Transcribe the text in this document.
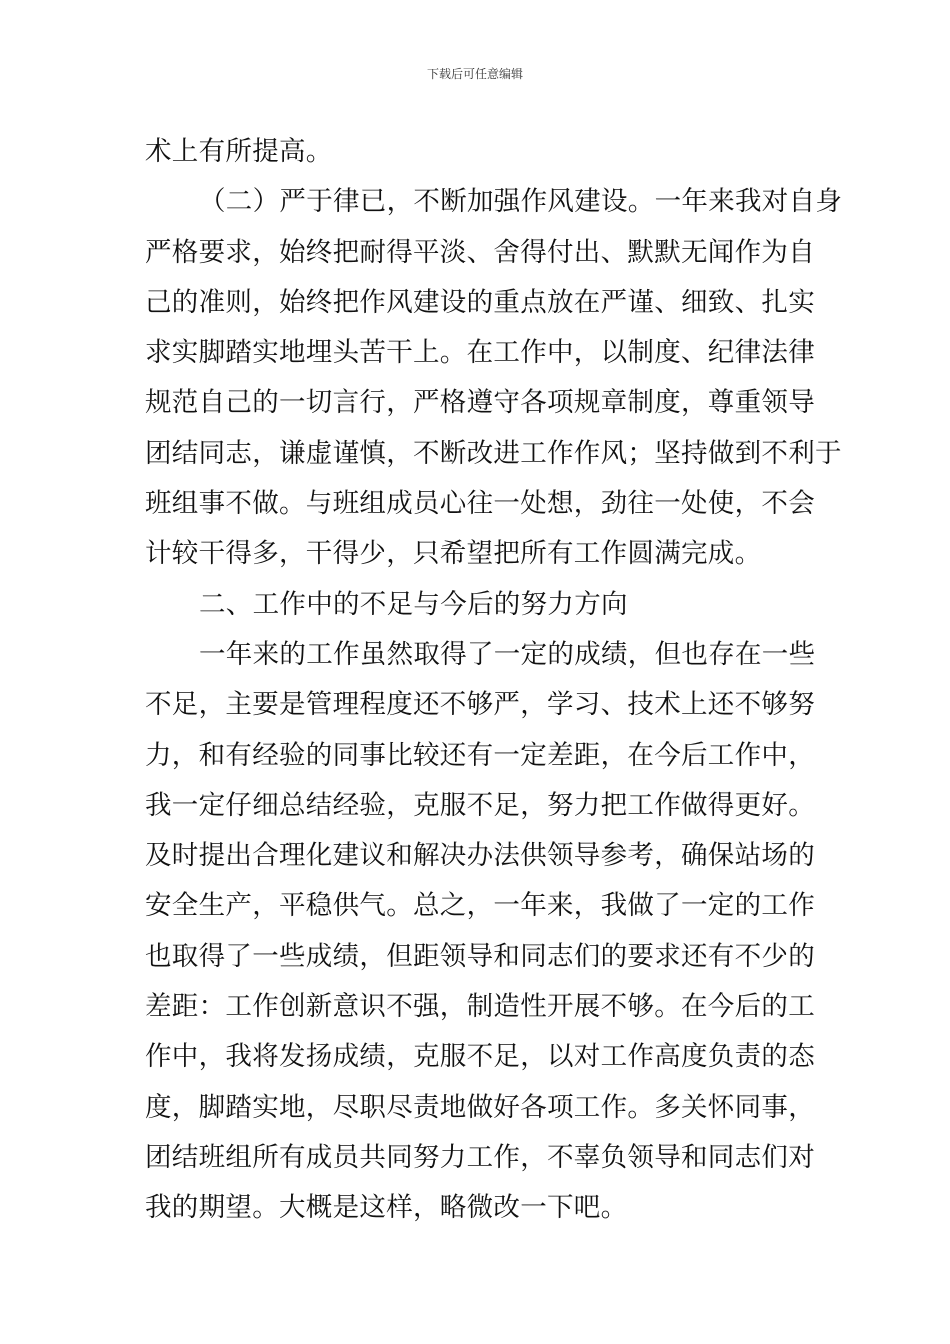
下载后可任意编辑
术上有所提高。
（二）严于律已，不断加强作风建设。一年来我对自身
严格要求，始终把耐得平淡、舍得付出、默默无闻作为自
己的准则，始终把作风建设的重点放在严谨、细致、扎实
求实脚踏实地埋头苦干上。在工作中，以制度、纪律法律
规范自己的一切言行，严格遵守各项规章制度，尊重领导
团结同志，谦虚谨慎，不断改进工作作风；坚持做到不利于
班组事不做。与班组成员心往一处想，劲往一处使，不会
计较干得多，干得少，只希望把所有工作圆满完成。
二、工作中的不足与今后的努力方向
一年来的工作虽然取得了一定的成绩，但也存在一些
不足，主要是管理程度还不够严，学习、技术上还不够努
力，和有经验的同事比较还有一定差距，在今后工作中，
我一定仔细总结经验，克服不足，努力把工作做得更好。
及时提出合理化建议和解决办法供领导参考，确保站场的
安全生产，平稳供气。总之，一年来，我做了一定的工作
也取得了一些成绩，但距领导和同志们的要求还有不少的
差距：工作创新意识不强，制造性开展不够。在今后的工
作中，我将发扬成绩，克服不足，以对工作高度负责的态
度，脚踏实地，尽职尽责地做好各项工作。多关怀同事，
团结班组所有成员共同努力工作，不辜负领导和同志们对
我的期望。大概是这样，略微改一下吧。
